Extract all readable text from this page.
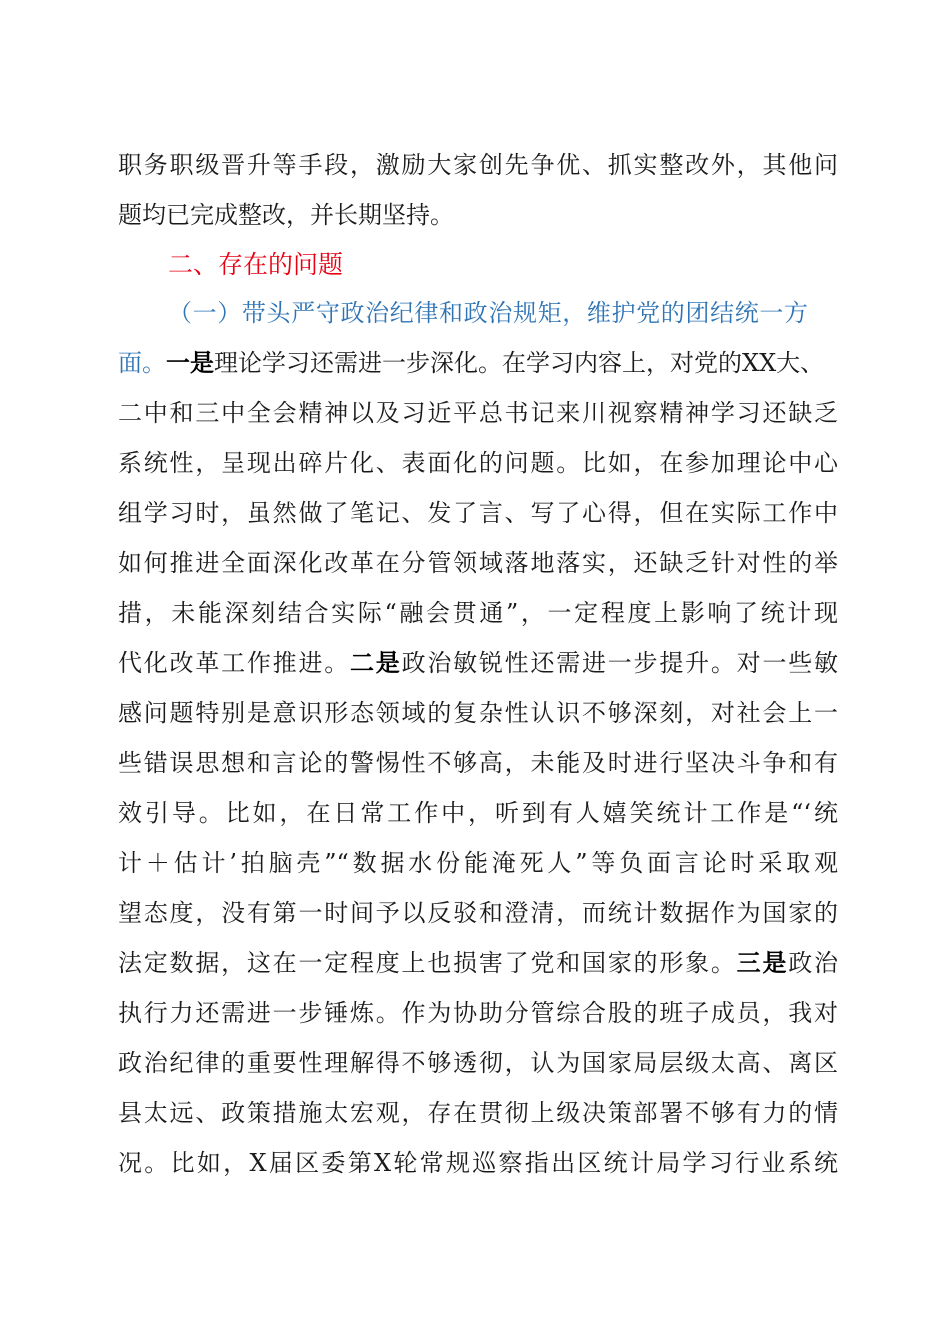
职务职级晋升等手段，激励大家创先争优、抓实整改外，其他问
题均已完成整改，并长期坚持。
二、存在的问题
（一）带头严守政治纪律和政治规矩，维护党的团结统一方
面。一是理论学习还需进一步深化。在学习内容上，对党的XX大、
二中和三中全会精神以及习近平总书记来川视察精神学习还缺乏
系统性，呈现出碎片化、表面化的问题。比如，在参加理论中心
组学习时，虽然做了笔记、发了言、写了心得，但在实际工作中
如何推进全面深化改革在分管领域落地落实，还缺乏针对性的举
措，未能深刻结合实际“融会贯通”，一定程度上影响了统计现
代化改革工作推进。二是政治敏锐性还需进一步提升。对一些敏
感问题特别是意识形态领域的复杂性认识不够深刻，对社会上一
些错误思想和言论的警惕性不够高，未能及时进行坚决斗争和有
效引导。比如，在日常工作中，听到有人嬉笑统计工作是“‘统
计＋估计’拍脑壳”“数据水份能淹死人”等负面言论时采取观
望态度，没有第一时间予以反驳和澄清，而统计数据作为国家的
法定数据，这在一定程度上也损害了党和国家的形象。三是政治
执行力还需进一步锤炼。作为协助分管综合股的班子成员，我对
政治纪律的重要性理解得不够透彻，认为国家局层级太高、离区
县太远、政策措施太宏观，存在贯彻上级决策部署不够有力的情
况。比如，X届区委第X轮常规巡察指出区统计局学习行业系统
